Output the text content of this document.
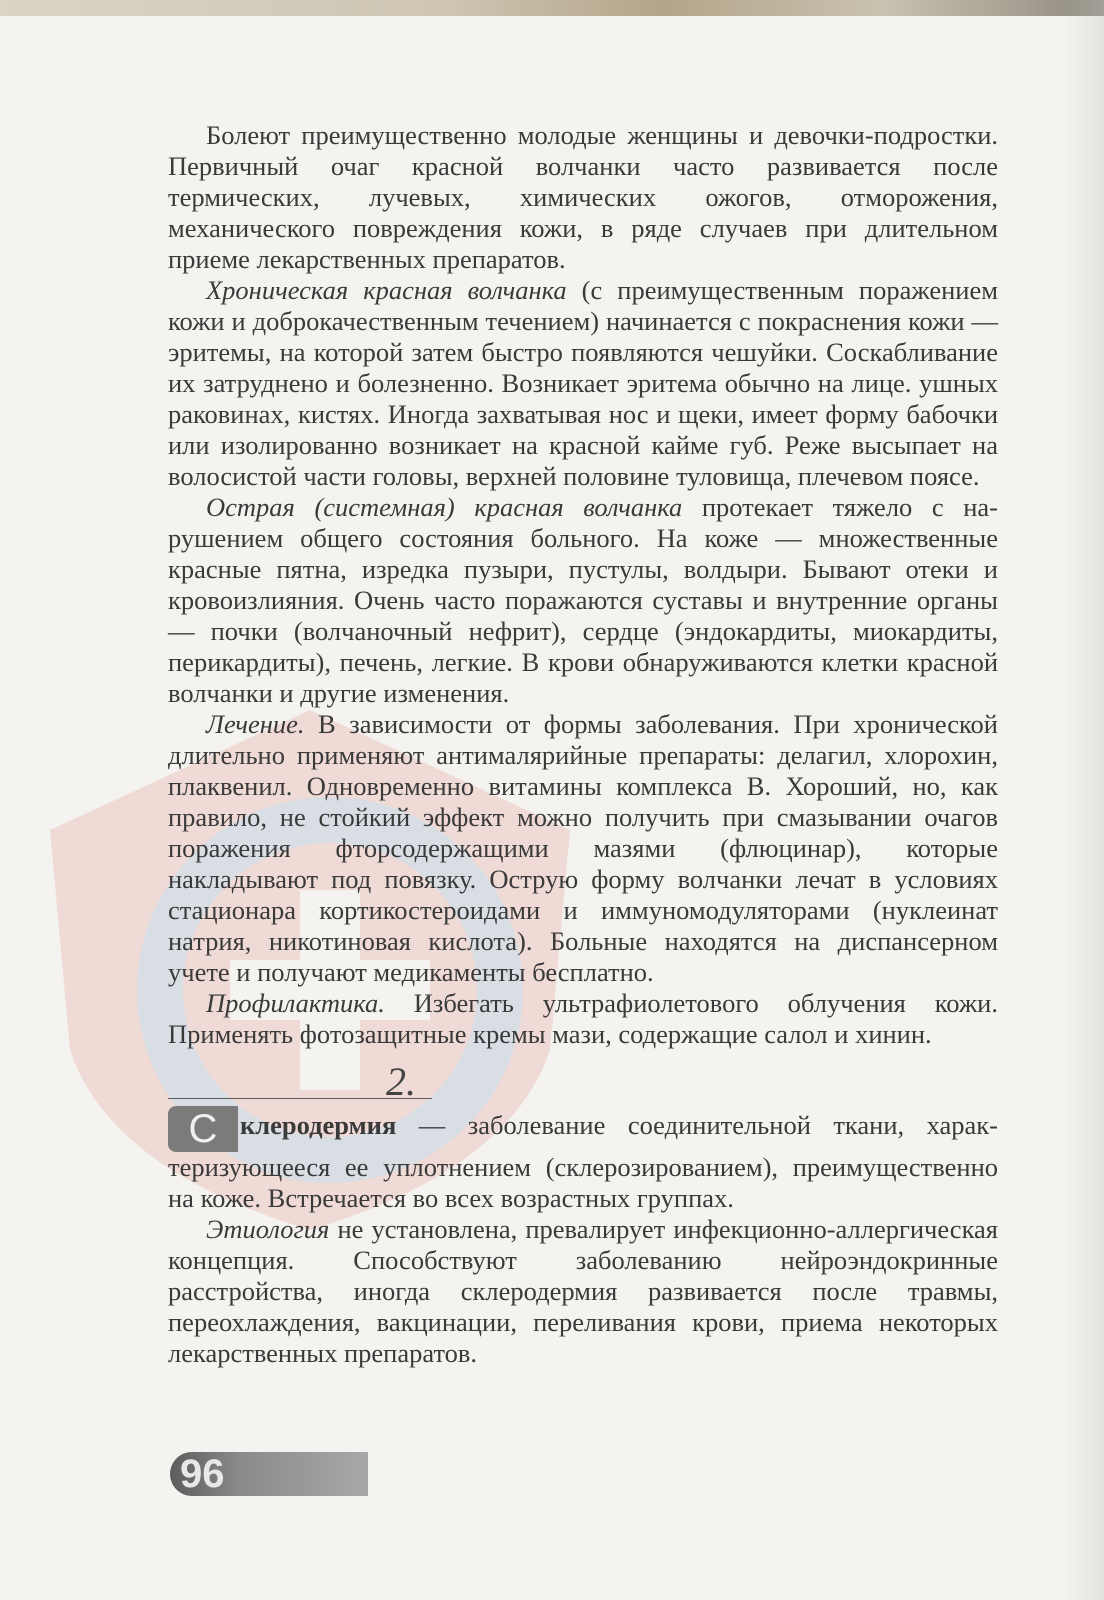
Болеют преимущественно молодые женщины и девочки-подростки. Первичный очаг красной волчанки часто развивается после термических, лучевых, химических ожогов, отморожения, механического повреждения кожи, в ряде случаев при длительном приеме лекарственных препаратов.

Хроническая красная волчанка (с преимущественным поражением кожи и доброкачественным течением) начинается с покраснения кожи — эритемы, на которой затем быстро появляются чешуйки. Соскабливание их затруднено и болезненно. Возникает эритема обычно на лице. ушных раковинах, кистях. Иногда захватывая нос и щеки, имеет форму бабочки или изолированно возникает на красной кайме губ. Реже высыпает на волосистой части головы, верхней половине туловища, плечевом поясе.

Острая (системная) красная волчанка протекает тяжело с нарушением общего состояния больного. На коже — множественные красные пятна, изредка пузыри, пустулы, волдыри. Бывают отеки и кровоизлияния. Очень часто поражаются суставы и внутренние органы — почки (волчаночный нефрит), сердце (эндокардиты, миокардиты, перикардиты), печень, легкие. В крови обнаруживаются клетки красной волчанки и другие изменения.

Лечение. В зависимости от формы заболевания. При хронической длительно применяют антималярийные препараты: делагил, хлорохин, плаквенил. Одновременно витамины комплекса В. Хороший, но, как правило, не стойкий эффект можно получить при смазывании очагов поражения фторсодержащими мазями (флюцинар), которые накладывают под повязку. Острую форму волчанки лечат в условиях стационара кортикостероидами и иммуномодуляторами (нуклеинат натрия, никотиновая кислота). Больные находятся на диспансерном учете и получают медикаменты бесплатно.

Профилактика. Избегать ультрафиолетового облучения кожи. Применять фотозащитные кремы мази, содержащие салол и хинин.

2.

С клеродермия — заболевание соединительной ткани, характеризующееся ее уплотнением (склерозированием), преимущественно на коже. Встречается во всех возрастных группах.

Этиология не установлена, превалирует инфекционно-аллергическая концепция. Способствуют заболеванию нейроэндокринные расстройства, иногда склеродермия развивается после травмы, переохлаждения, вакцинации, переливания крови, приема некоторых лекарственных препаратов.

96
